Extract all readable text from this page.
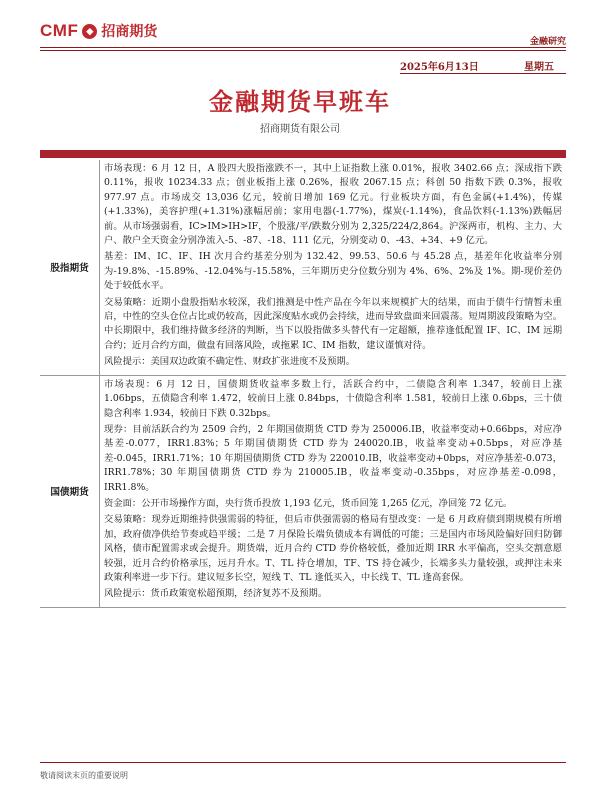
CMF ◆ 招商期货
金融研究
2025年6月13日	星期五
金融期货早班车
招商期货有限公司
股指期货

市场表现：6 月 12 日，A 股四大股指涨跌不一，其中上证指数上涨 0.01%，报收 3402.66 点；深成指下跌 0.11%，报收 10234.33 点；创业板指上涨 0.26%，报收 2067.15 点；科创 50 指数下跌 0.3%，报收 977.97 点。市场成交 13,036 亿元，较前日增加 169 亿元。行业板块方面，有色金属(+1.4%)，传媒(+1.33%)，美容护理(+1.31%)涨幅居前；家用电器(-1.77%)，煤炭(-1.14%)，食品饮料(-1.13%)跌幅居前。从市场强弱看，IC>IM>IH>IF，个股涨/平/跌数分别为 2,325/224/2,864。沪深两市，机构、主力、大户、散户全天资金分别净流入-5、-87、-18、111 亿元，分别变动 0、-43、+34、+9 亿元。

基差：IM、IC、IF、IH 次月合约基差分别为 132.42、99.53、50.6 与 45.28 点，基差年化收益率分别为-19.8%、-15.89%、-12.04%与-15.58%，三年期历史分位数分别为 4%、6%、2%及 1%。期-现价差仍处于较低水平。

交易策略：近期小盘股指贴水较深，我们推测是中性产品在今年以来规模扩大的结果，而由于债牛行情暂未重启，中性的空头仓位占比或仍较高，因此深度贴水或仍会持续，进而导致盘面来回震荡。短周期波段策略为空。中长期限中，我们维持做多经济的判断，当下以股指做多头替代有一定超额，推荐逢低配置 IF、IC、IM 远期合约；近月合约方面，做盘有回落风险，或拖累 IC、IM 指数，建议谨慎对待。

风险提示：美国双边政策不确定性、财政扩张进度不及预期。

国债期货

市场表现：6 月 12 日，国债期货收益率多数上行，活跃合约中，二债隐含利率 1.347，较前日上涨 1.06bps，五债隐含利率 1.472，较前日上涨 0.84bps，十债隐含利率 1.581，较前日上涨 0.6bps，三十债隐含利率 1.934，较前日下跌 0.32bps。

现券：目前活跃合约为 2509 合约，2 年期国债期货 CTD 券为 250006.IB，收益率变动+0.66bps，对应净基差-0.077，IRR1.83%；5 年期国债期货 CTD 券为 240020.IB，收益率变动+0.5bps，对应净基差-0.045，IRR1.71%；10 年期国债期货 CTD 券为 220010.IB，收益率变动+0bps，对应净基差-0.073，IRR1.78%；30 年期国债期货 CTD 券为 210005.IB，收益率变动-0.35bps，对应净基差-0.098，IRR1.8%。

资金面：公开市场操作方面，央行货币投放 1,193 亿元，货币回笼 1,265 亿元，净回笼 72 亿元。

交易策略：现券近期维持供强需弱的特征，但后市供强需弱的格局有望改变：一是 6 月政府债到期规模有所增加，政府债净供给节奏或趋平缓；二是 7 月保险长端负债成本有调低的可能；三是国内市场风险偏好回归防御风格，债市配置需求或会提升。期货端，近月合约 CTD 券价格较低，叠加近期 IRR 水平偏高，空头交割意愿较强，近月合约价格承压，远月升水。T、TL 持仓增加，TF、TS 持仓减少，长端多头力量较强，或押注未来政策利率进一步下行。建议短多长空，短线 T、TL 逢低买入，中长线 T、TL 逢高套保。

风险提示：货币政策宽松超预期，经济复苏不及预期。

敬请阅读末页的重要说明
